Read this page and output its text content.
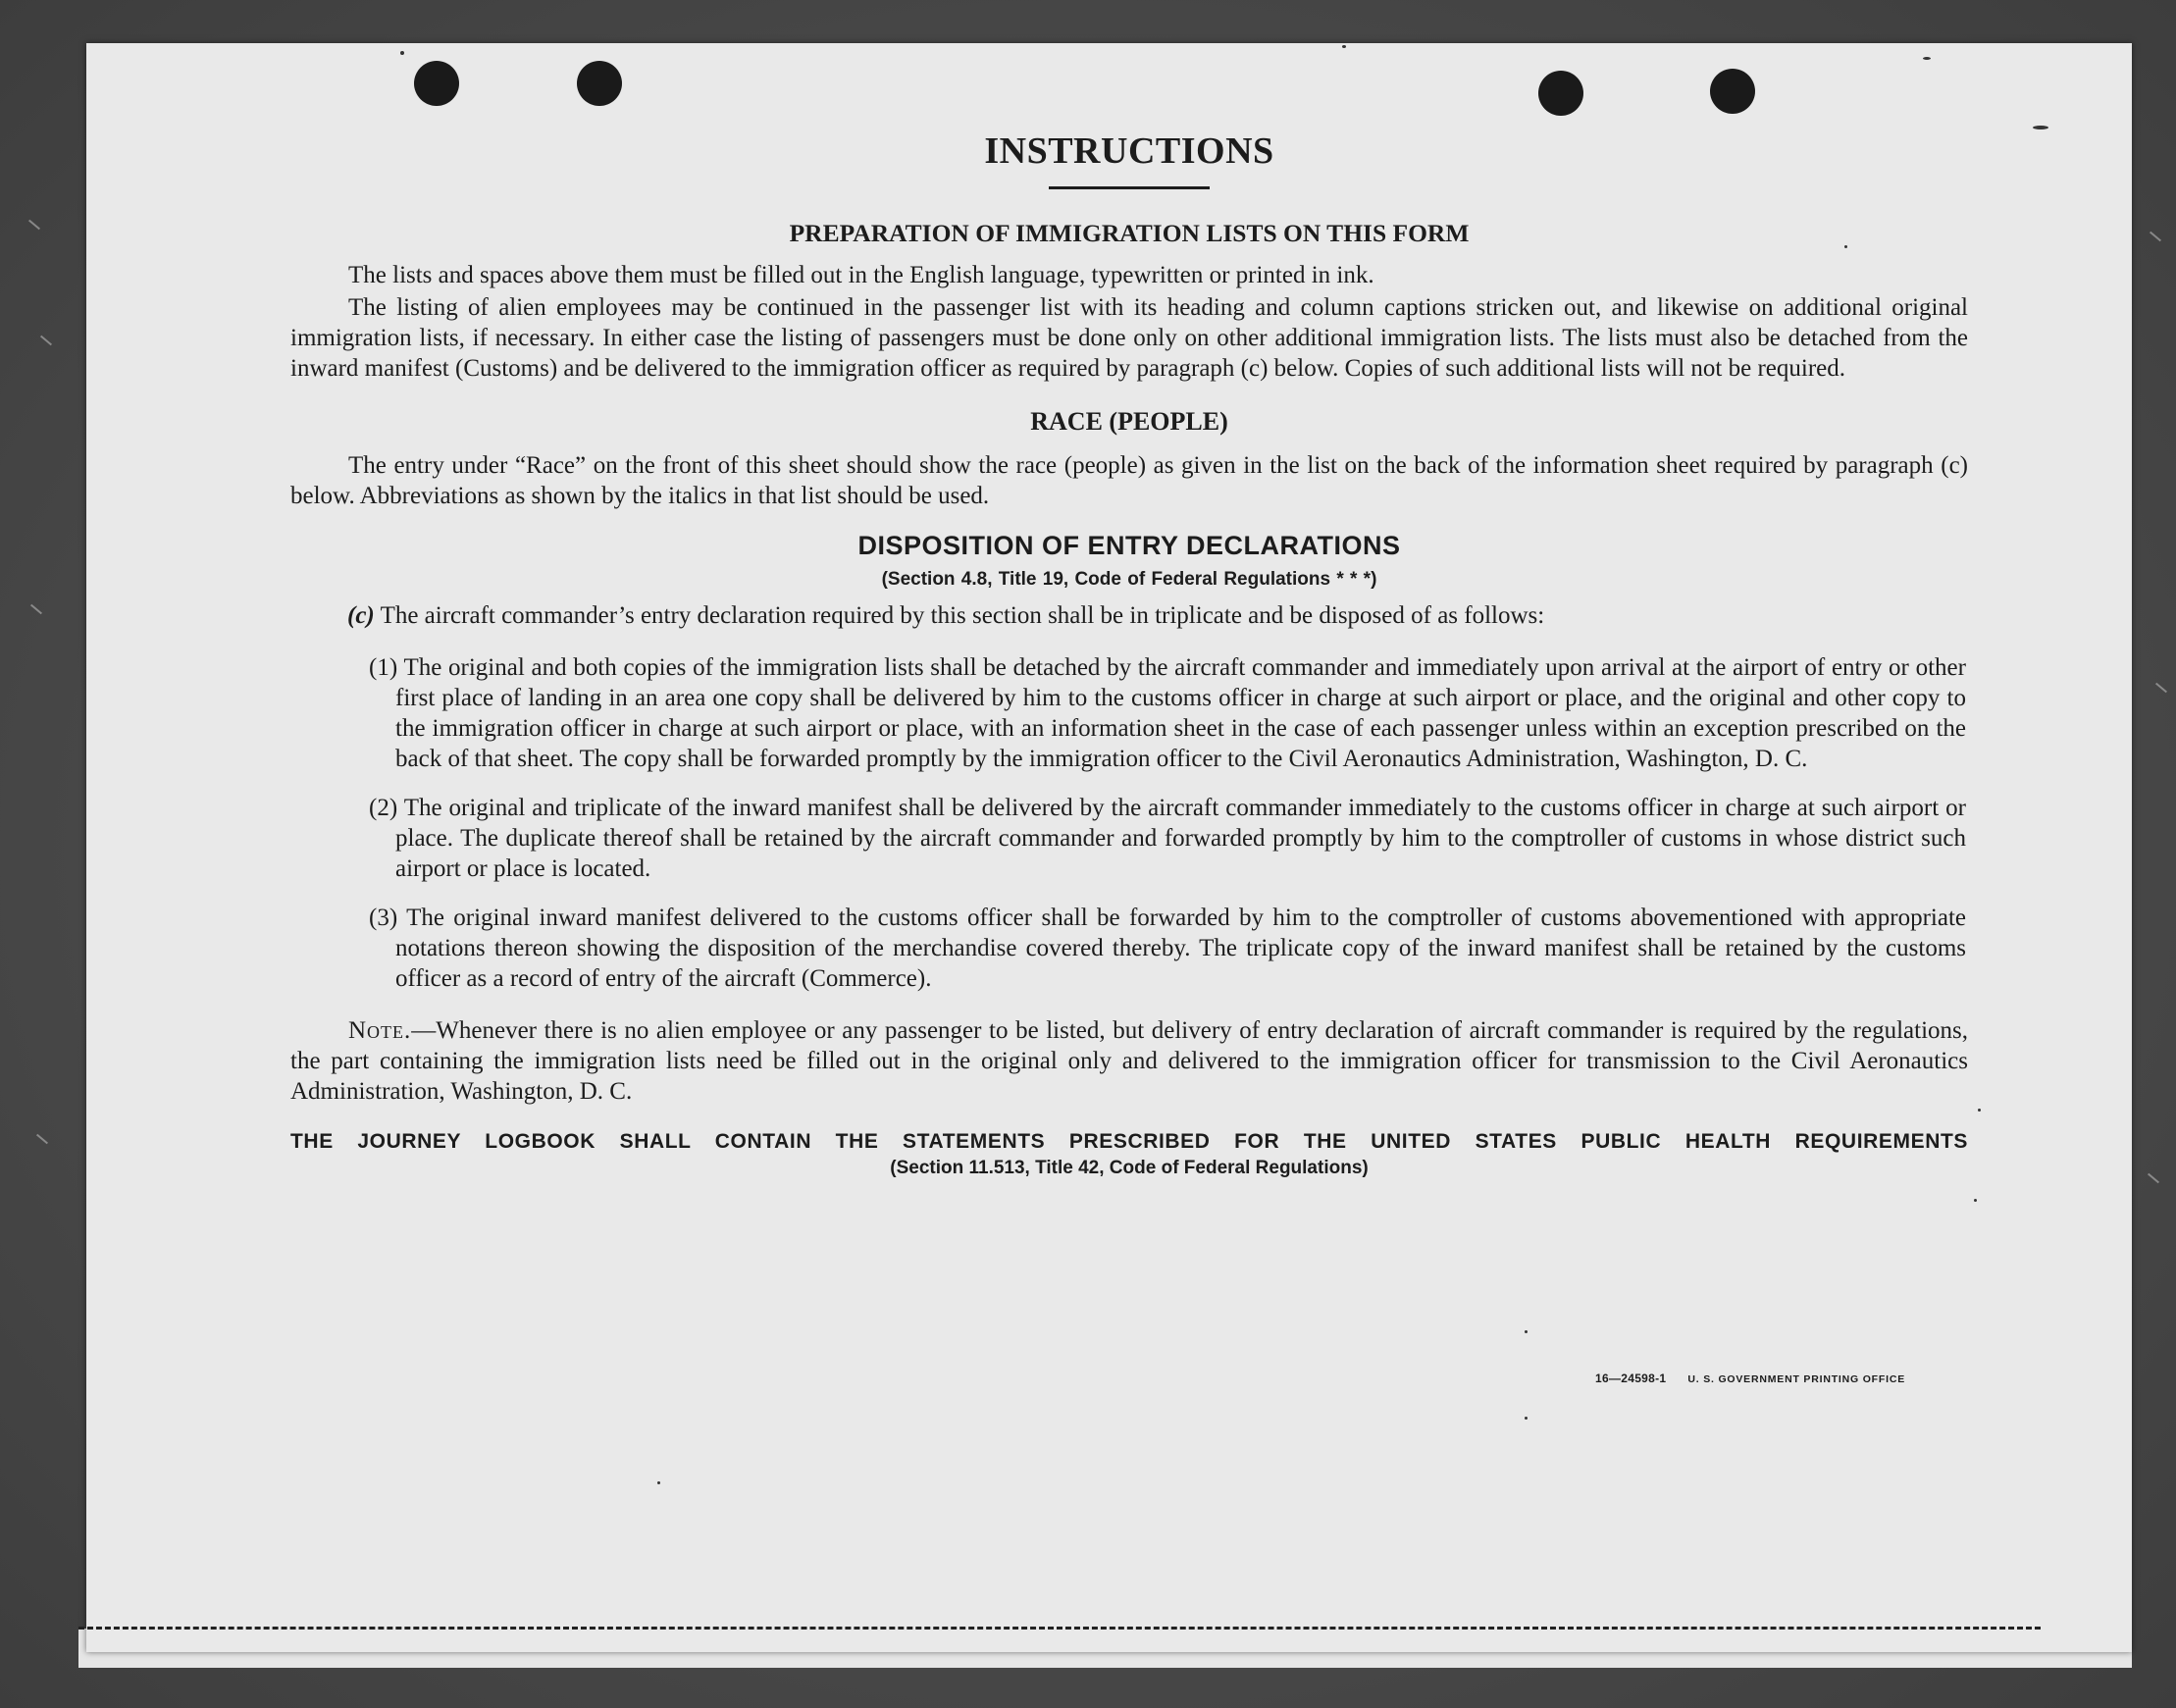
INSTRUCTIONS
PREPARATION OF IMMIGRATION LISTS ON THIS FORM

The lists and spaces above them must be filled out in the English language, typewritten or printed in ink.

The listing of alien employees may be continued in the passenger list with its heading and column captions stricken out, and likewise on additional original immigration lists, if necessary. In either case the listing of passengers must be done only on other additional immigration lists. The lists must also be detached from the inward manifest (Customs) and be delivered to the immigration officer as required by paragraph (c) below. Copies of such additional lists will not be required.

RACE (PEOPLE)

The entry under “Race” on the front of this sheet should show the race (people) as given in the list on the back of the information sheet required by paragraph (c) below. Abbreviations as shown by the italics in that list should be used.

DISPOSITION OF ENTRY DECLARATIONS
(Section 4.8, Title 19, Code of Federal Regulations * * *)

(c) The aircraft commander’s entry declaration required by this section shall be in triplicate and be disposed of as follows:

(1) The original and both copies of the immigration lists shall be detached by the aircraft commander and immediately upon arrival at the airport of entry or other first place of landing in an area one copy shall be delivered by him to the customs officer in charge at such airport or place, and the original and other copy to the immigration officer in charge at such airport or place, with an information sheet in the case of each passenger unless within an exception prescribed on the back of that sheet. The copy shall be forwarded promptly by the immigration officer to the Civil Aeronautics Administration, Washington, D. C.

(2) The original and triplicate of the inward manifest shall be delivered by the aircraft commander immediately to the customs officer in charge at such airport or place. The duplicate thereof shall be retained by the aircraft commander and forwarded promptly by him to the comptroller of customs in whose district such airport or place is located.

(3) The original inward manifest delivered to the customs officer shall be forwarded by him to the comptroller of customs abovementioned with appropriate notations thereon showing the disposition of the merchandise covered thereby. The triplicate copy of the inward manifest shall be retained by the customs officer as a record of entry of the aircraft (Commerce).

Note.—Whenever there is no alien employee or any passenger to be listed, but delivery of entry declaration of aircraft commander is required by the regulations, the part containing the immigration lists need be filled out in the original only and delivered to the immigration officer for transmission to the Civil Aeronautics Administration, Washington, D. C.

THE JOURNEY LOGBOOK SHALL CONTAIN THE STATEMENTS PRESCRIBED FOR THE UNITED STATES PUBLIC HEALTH REQUIREMENTS

(Section 11.513, Title 42, Code of Federal Regulations)
16—24598-1 U. S. GOVERNMENT PRINTING OFFICE
